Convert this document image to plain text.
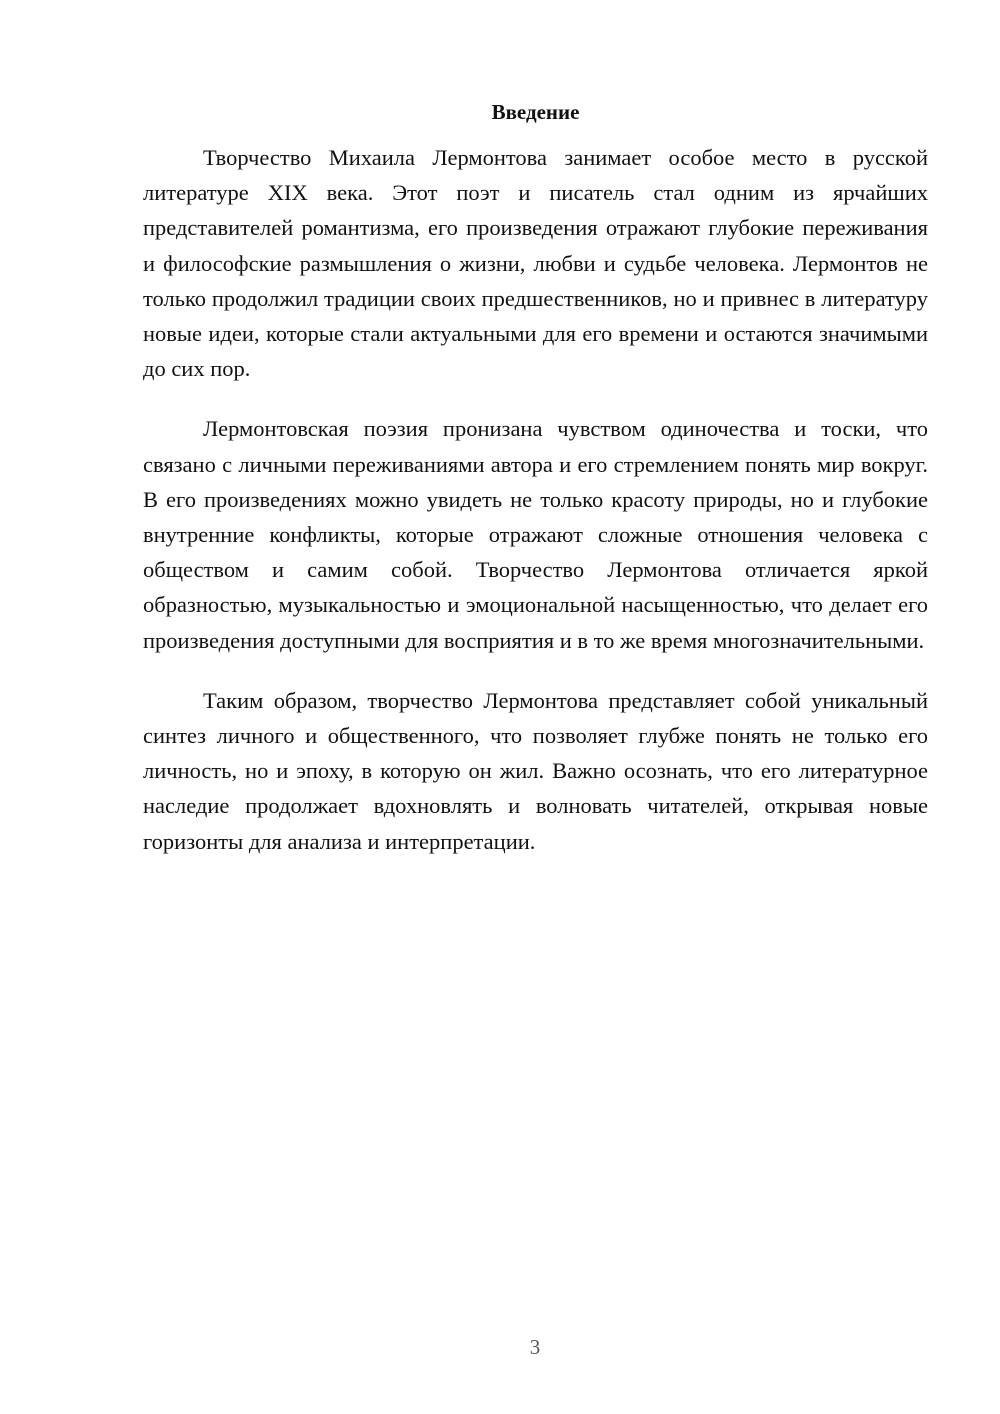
Введение

Творчество Михаила Лермонтова занимает особое место в русской литературе XIX века. Этот поэт и писатель стал одним из ярчайших представителей романтизма, его произведения отражают глубокие переживания и философские размышления о жизни, любви и судьбе человека. Лермонтов не только продолжил традиции своих предшественников, но и привнес в литературу новые идеи, которые стали актуальными для его времени и остаются значимыми до сих пор.

Лермонтовская поэзия пронизана чувством одиночества и тоски, что связано с личными переживаниями автора и его стремлением понять мир вокруг. В его произведениях можно увидеть не только красоту природы, но и глубокие внутренние конфликты, которые отражают сложные отношения человека с обществом и самим собой. Творчество Лермонтова отличается яркой образностью, музыкальностью и эмоциональной насыщенностью, что делает его произведения доступными для восприятия и в то же время многозначительными.

Таким образом, творчество Лермонтова представляет собой уникальный синтез личного и общественного, что позволяет глубже понять не только его личность, но и эпоху, в которую он жил. Важно осознать, что его литературное наследие продолжает вдохновлять и волновать читателей, открывая новые горизонты для анализа и интерпретации.

3
